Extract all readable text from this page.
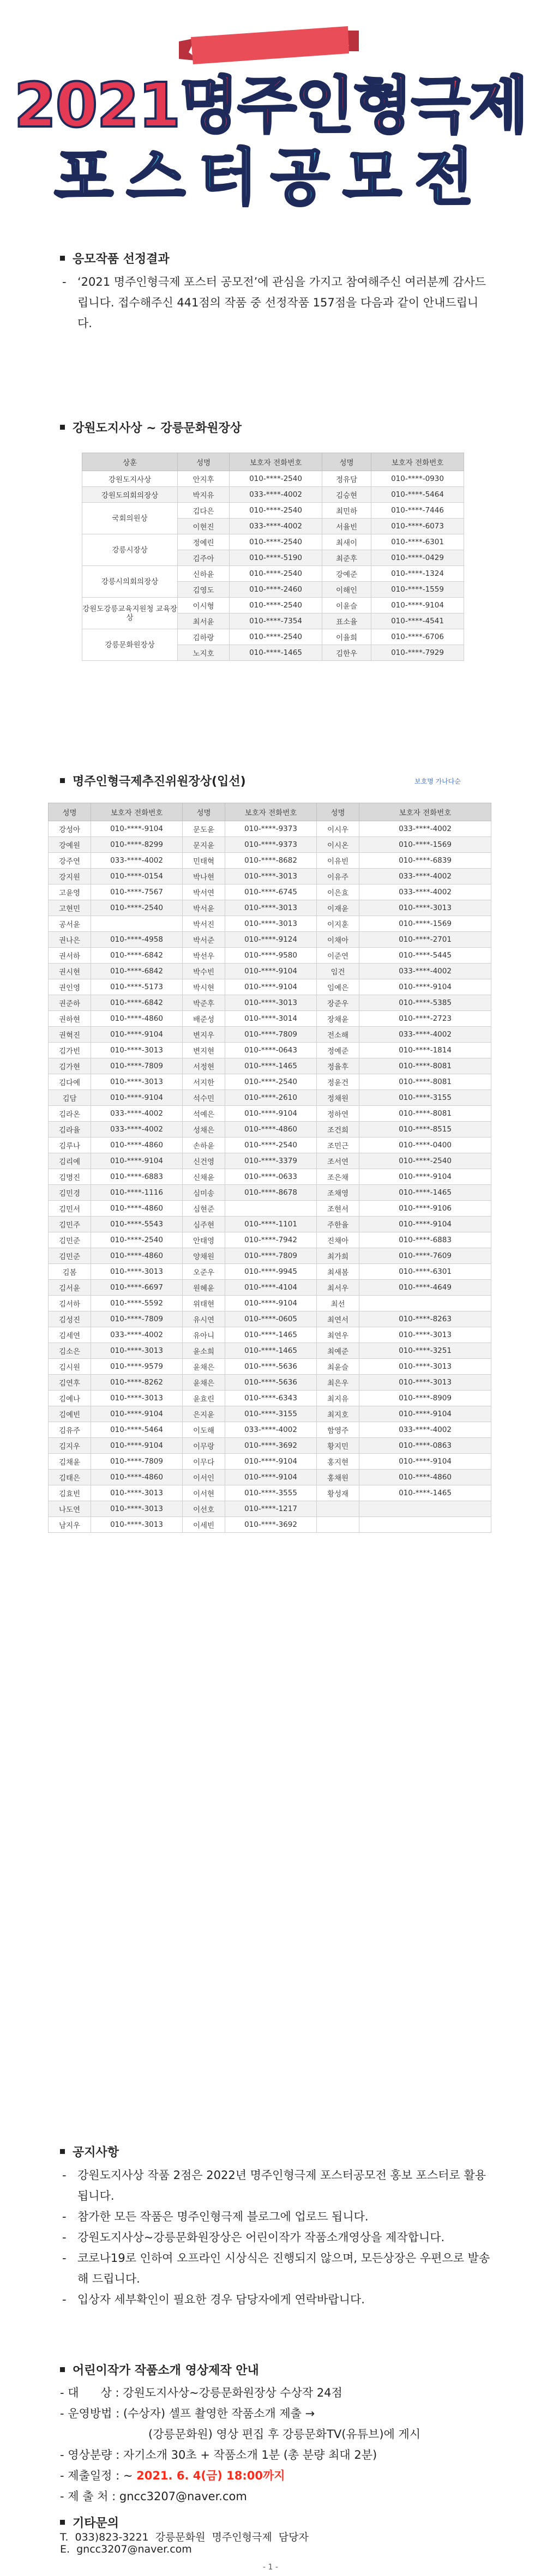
나만의 어린이책이네!
2021명주인형극제
포스터공모전
응모작품 선정결과
- ‘2021 명주인형극제 포스터 공모전’에 관심을 가지고 참여해주신 여러분께 감사드립니다. 접수해주신 441점의 작품 중 선정작품 157점을 다음과 같이 안내드립니다.
강원도지사상 ~ 강릉문화원장상
상훈	성명	보호자 전화번호	성명	보호자 전화번호
강원도지사상	안지후	010-****-2540	정유담	010-****-0930
강원도의회의장상	박지유	033-****-4002	김승현	010-****-5464
국회의원상	김다은	010-****-2540	최민하	010-****-7446
	이현진	033-****-4002	서율빈	010-****-6073
강릉시장상	정예린	010-****-2540	최새이	010-****-6301
	김주아	010-****-5190	최준후	010-****-0429
강릉시의회의장상	신하윤	010-****-2540	강예준	010-****-1324
	김영도	010-****-2460	이해인	010-****-1559
강원도강릉교육지원청 교육장상	이시형	010-****-2540	이윤슬	010-****-9104
	최서윤	010-****-7354	표소율	010-****-4541
강릉문화원장상	김하랑	010-****-2540	이율희	010-****-6706
	노지호	010-****-1465	김한우	010-****-7929
명주인형극제추진위원장상(입선)	보호명 가나다순
성명	보호자 전화번호	성명	보호자 전화번호	성명	보호자 전화번호
강성아	010-****-9104	문도윤	010-****-9373	이시우	033-****-4002
강예원	010-****-8299	문지윤	010-****-9373	이시온	010-****-1569
강주연	033-****-4002	민태혁	010-****-8682	이유빈	010-****-6839
강지원	010-****-0154	박나현	010-****-3013	이유주	033-****-4002
고윤영	010-****-7567	박서연	010-****-6745	이은효	033-****-4002
고현민	010-****-2540	박서윤	010-****-3013	이재윤	010-****-3013
공서윤		박서진	010-****-3013	이지훈	010-****-1569
권나은	010-****-4958	박서준	010-****-9124	이채아	010-****-2701
권서하	010-****-6842	박선우	010-****-9580	이준연	010-****-5445
권시현	010-****-6842	박수빈	010-****-9104	임건	033-****-4002
권인영	010-****-5173	박시현	010-****-9104	임예은	010-****-9104
권준하	010-****-6842	박준후	010-****-3013	장준우	010-****-5385
권하현	010-****-4860	배준성	010-****-3014	장채윤	010-****-2723
권혁진	010-****-9104	변지우	010-****-7809	전소해	033-****-4002
김가빈	010-****-3013	변지현	010-****-0643	정예준	010-****-1814
김가현	010-****-7809	서정현	010-****-1465	정율후	010-****-8081
김다예	010-****-3013	서지한	010-****-2540	정윤건	010-****-8081
김담	010-****-9104	석수민	010-****-2610	정채원	010-****-3155
김라온	033-****-4002	석예은	010-****-9104	정하연	010-****-8081
김라율	033-****-4002	성채은	010-****-4860	조건희	010-****-8515
김루나	010-****-4860	손하윤	010-****-2540	조민근	010-****-0400
김리예	010-****-9104	신건영	010-****-3379	조서연	010-****-2540
김명진	010-****-6883	신채윤	010-****-0633	조은채	010-****-9104
김민경	010-****-1116	심미송	010-****-8678	조채영	010-****-1465
김민서	010-****-4860	심현준		조현서	010-****-9106
김민주	010-****-5543	심주현	010-****-1101	주한율	010-****-9104
김민준	010-****-2540	안태영	010-****-7942	진채아	010-****-6883
김민준	010-****-4860	양채원	010-****-7809	최가희	010-****-7609
김봄	010-****-3013	오준우	010-****-9945	최새봄	010-****-6301
김서윤	010-****-6697	원혜윤	010-****-4104	최서우	010-****-4649
김서하	010-****-5592	위태현	010-****-9104	최선	
김성진	010-****-7809	유시연	010-****-0605	최연서	010-****-8263
김세연	033-****-4002	유아니	010-****-1465	최연우	010-****-3013
김소은	010-****-3013	윤소희	010-****-1465	최예준	010-****-3251
김시원	010-****-9579	윤채은	010-****-5636	최윤슬	010-****-3013
김연후	010-****-8262	윤채은	010-****-5636	최은우	010-****-3013
김예나	010-****-3013	윤효린	010-****-6343	최지유	010-****-8909
김예빈	010-****-9104	은지윤	010-****-3155	최지호	010-****-9104
김유주	010-****-5464	이도해	033-****-4002	함영주	033-****-4002
김지우	010-****-9104	이무랑	010-****-3692	황지민	010-****-0863
김채윤	010-****-7809	이무다	010-****-9104	홍지현	010-****-9104
김태은	010-****-4860	이서인	010-****-9104	홍채원	010-****-4860
김효빈	010-****-3013	이서현	010-****-3555	황성재	010-****-1465
나도연	010-****-3013	이선호	010-****-1217		
남지우	010-****-3013	이세빈	010-****-3692		
공지사항
- 강원도지사상 작품 2점은 2022년 명주인형극제 포스터공모전 홍보 포스터로 활용됩니다.
- 참가한 모든 작품은 명주인형극제 블로그에 업로드 됩니다.
- 강원도지사상~강릉문화원장상은 어린이작가 작품소개영상을 제작합니다.
- 코로나19로 인하여 오프라인 시상식은 진행되지 않으며, 모든상장은 우편으로 발송해 드립니다.
- 입상자 세부확인이 필요한 경우 담당자에게 연락바랍니다.
어린이작가 작품소개 영상제작 안내
- 대      상 : 강원도지사상~강릉문화원장상 수상작 24점
- 운영방법 : (수상자) 셀프 촬영한 작품소개 제출 →
(강릉문화원) 영상 편집 후 강릉문화TV(유튜브)에 게시
- 영상분량 : 자기소개 30초 + 작품소개 1분 (총 분량 최대 2분)
- 제출일정 : ~ 2021. 6. 4(금) 18:00까지
- 제 출 처 : gncc3207@naver.com
기타문의
T.  033)823-3221  강릉문화원  명주인형극제  담당자
E.  gncc3207@naver.com
- 1 -
